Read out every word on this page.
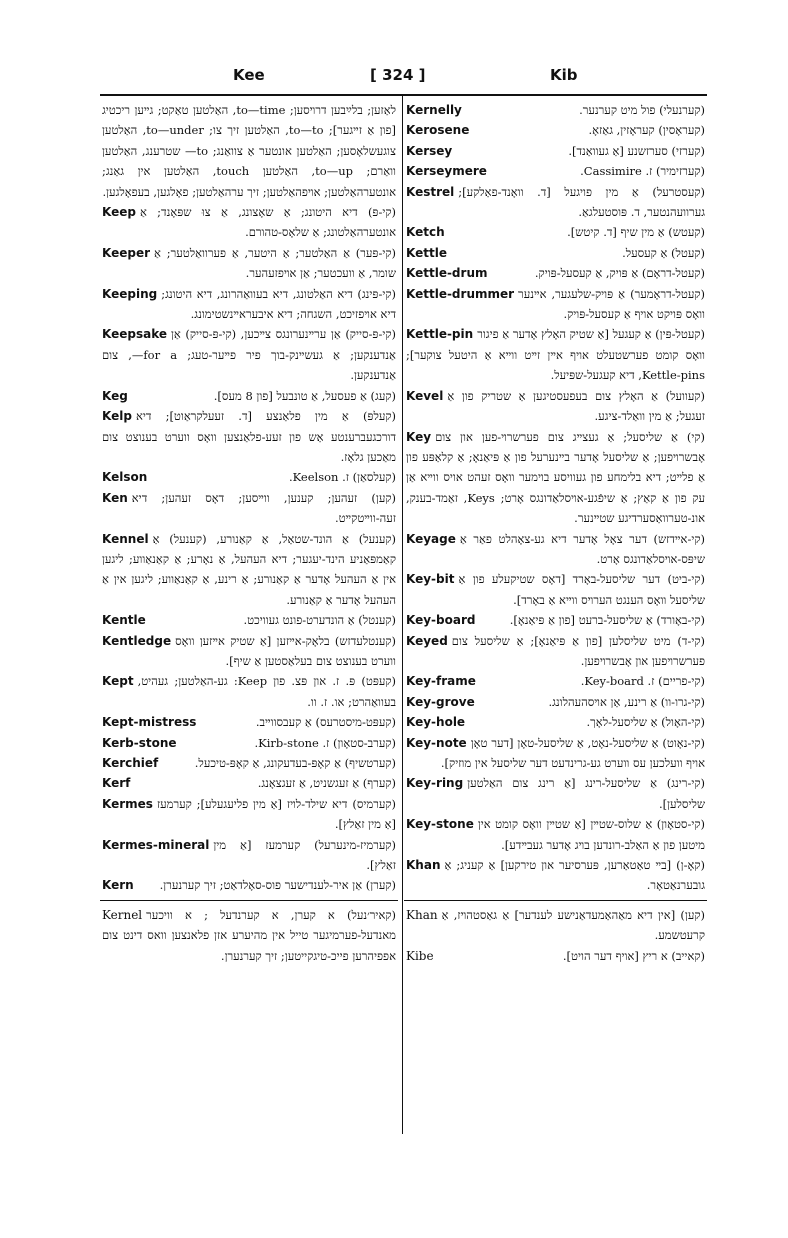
Kee	[ 324 ]	Kib

לאַזען; בלײַבען דרױסען; to—time, האַלטען טאַקט; גײען ריכטיג [פון אַ זײגער]; to—to, האַלטען זיך צו; to—under, האַלטען צוגעשלאָסען; האַלטען אונטער אַ צוואַנג; to— שטרענג, האַלטען וואַרם; to—up, האַלטען touch, האַלטען אין גאַנג; אונטערהאַלטען; אױפהאַלטען; זיך ערהאַלטען; פאָלגען, בעפאָלגען.

Keep (קי-פּ) דיא היטונג; אַ שאָצונג, אַ צוּ שפּאָנד; אַ אונטערהאַלטונג; אַ שלאָס-טהורם.

Keeper (קי-פּער) אַ האַלטער; אַ היטער, אַ פערוואַלטער; אַ שומר, אַ וועכטער; אַן אױפזעהער.

Keeping (קי-פּינג) דיא האַלטונג, דיא בעוואַהרונג, דיא היטונג; דיא אױפזיכט, השגחה; דיא איבעראײנשטימונג.

Keepsake (קי-פּ-סייק) אַן ערײנערונגס צײכען, (קי-פּ-סייק) אַן אַנדענקען; אַ געשײנק-בוך פיר פײער-טעג; for a—, צום אַנדענקען.

Keg	(קעג) אַ פעסעל, אַ טונבעל [פון 8 מעס].

Kelp (קעלפּ) אַ מין פלאַנצע [ד. זעעלקראַוט]; דיא דורכגעברענטע אַש פון זעע-פלאַנצען וואָס ווערט בענוצט צום מאַכען גלאָז.

Kelson	(קעלסאַן) ז. Keelson.

Ken (קען) זעהען; קענען, ווײסען; דאָס זעהען; דיא זעה-ווײטקײט.

Kennel (קענעל) אַ הונד-שטאַל, אַ קאַנורע, (קענעל) אַ קאַמפּאַניע הינד-יעגער; דיא העהעל, אַ נאָרע; אַ קאַנאַווע; ליגען אין אַ העהעל אָדער אַ קאַנורע; אַ רינע, אַ קאַנאַווע; ליגען אין אַ העהעל אָדער אַ קאַנורע.

Kentle	(קענטל) אַ הונדערט-פונט געוויכט.

Kentledge (קענטלעדזש) בלאָק-אײזען [אַ שטיק אײזען וואָס ווערט בענוצט צום בעלאַסטען אַ שיף].

Kept (קעפּט) פּ. ז. און פּצ. פון Keep: גע-האַלטען; געהיט, בעוואַהרט; או. ז. וו.

Kept-mistress	(קעפּט-מיסטרעס) אַ קעבסווײב.

Kerb-stone	(קערב-סטאָון) ז. Kirb-stone.

Kerchief	(קערטשיף) אַ קאָפּ-בעדעקונג, אַ קאָפּ-טיכעל.

Kerf	(קערף) אַ זעגשניט, אַ זעגצאָנג.

Kermes (קערמיס) דיא שילד-לױז [אַ מין פליעגעלע]; קערמעז [אַ מין זאַלץ].

Kermes-mineral (קערמיז-מינערעל) קערמעז [אַ מין זאַלץ].

Kern	(קערן) אַן איר-לענדישער פוס-סאָלדאַט; זיך קערנערן.

Kernel (קאיר׳נעל) א קערן, א קערנדעל ; א וויכער מאנדעל-פערמיגער טייל אין מהיערע אזן פלאנצען וואס דינט צום אפפיהרען פייכ-טיגקייטען; זיך קערנערן.

Kernelly	(קערנעלי) פול מיט קערנער.

Kerosene	(קעראָסין) קעראָזין, גאַזאָ.

Kersey	(קערזי) סערזשנע [אַ געוואַנד].

Kerseymere	(קערזימיר) ז. Cassimire.

Kestrel (קעסטרעל) אַ מין פויגעל [ד. וואָנד-פאַלקע]; גערוועהנטער, ד. פּוסטעלגאַ.

Ketch	(קעטש) אַ מין שיף [ד. קיטש].

Kettle	(קעטל) אַ קעסעל.

Kettle-drum	(קעטל-דראָם) אַ פּויק, אַ קעסעל-פּויק.

Kettle-drummer (קעטל-דראָמער) אַ פּויק-שלעגער, אײנער וואָס פּויקט אויף אַ קעסעל-פּויק.

Kettle-pin (קעטל-פּין) אַ קעגעל [אַ שטיק האָלץ אָדער אַ פיגור וואָס קומט פערשטעלט אויף אײן זײט ווײא אַ היטעל צוקער]; Kettle-pins, דיא קעגעל-שפּיעל.

Kevel (קעוועל) אַ האָלץ צום בעפעסטיגען אַ שטריק פון אַ זעגעל; אַ מין וואַלד-ציגע.

Key (קי) אַ שליסעל; אַ געצײג צום פערשרױ-פען און צום אָבשרױפען; אַ שליסעל אָדער בײנערעל פון אַ פּיאַנאָ; אַ קלאַפּע פון אַ פלײט; דיא בלימחע פון געוויסע בױמער וואָס זעהט אויס ווײא אַן עק פון אַ קאַץ; אַ שיפֿגע-אױסלאַדונגס אָרט; Keys, זאַמד-בענק, אונ-טערוואַסערדיגע שטײנער.

Keyage (קי-אײדזש) דער צאָל אָדער דיא גע-צאָהלט פאַר אַ שיפּס-אױסלאַדונגס אָרט.

Key-bit (קי-ביט) דער שליסעל-באָרד [דאָס שטיקעלע פון אַ שליסעל וואָס הענגט הערױס ווײא אַ באָרד].

Key-board	(קי-באָורד) אַ שליסעל-ברעט [פון אַ פּיאַנאָ].

Keyed (קי-ד) מיט שליסלען [פון אַ פּיאַנאָ]; אַ שליסעל צום פערשרױפען און אָבשרױפען.

Key-frame	(קי-פריים) ז. Key-board.

Key-grove	(קי-גרו-וו) אַ רינע, אַן אױסהעהלונג.

Key-hole	(קי-האָול) אַ שליסעל-לאָך.

Key-note (קי-נאָוט) אַ שליסעל-נאָט, אַ שליסעל-טאָן [דער טאָן אויף וועלכען עס ווערט גע-גרינדעט דער שליסעל אין מוזיק].

Key-ring (קי-רינג) אַ שליסעל-רינג [אַ רינג צום האַלטען שליסלען].

Key-stone (קי-סטאָון) אַ שלוס-שטײן [אַ שטײן וואָס קומט אין מיטען פון אַ האַלב-רונדען בױג אָדער געבײדע].

Khan (קאָ-ן) [בײ טאַטאַרען, פּערסיער און טירקען] אַ קעניג; אַ גובערנאַטאָר.

Khan (קען) [אין דיא מאַהאַמעדאַנישע לענדער] אַ גאַסטהױז, אַ קרעטשמע.

Kibe	(קאייב) א ריץ [אויף דער הויט].
